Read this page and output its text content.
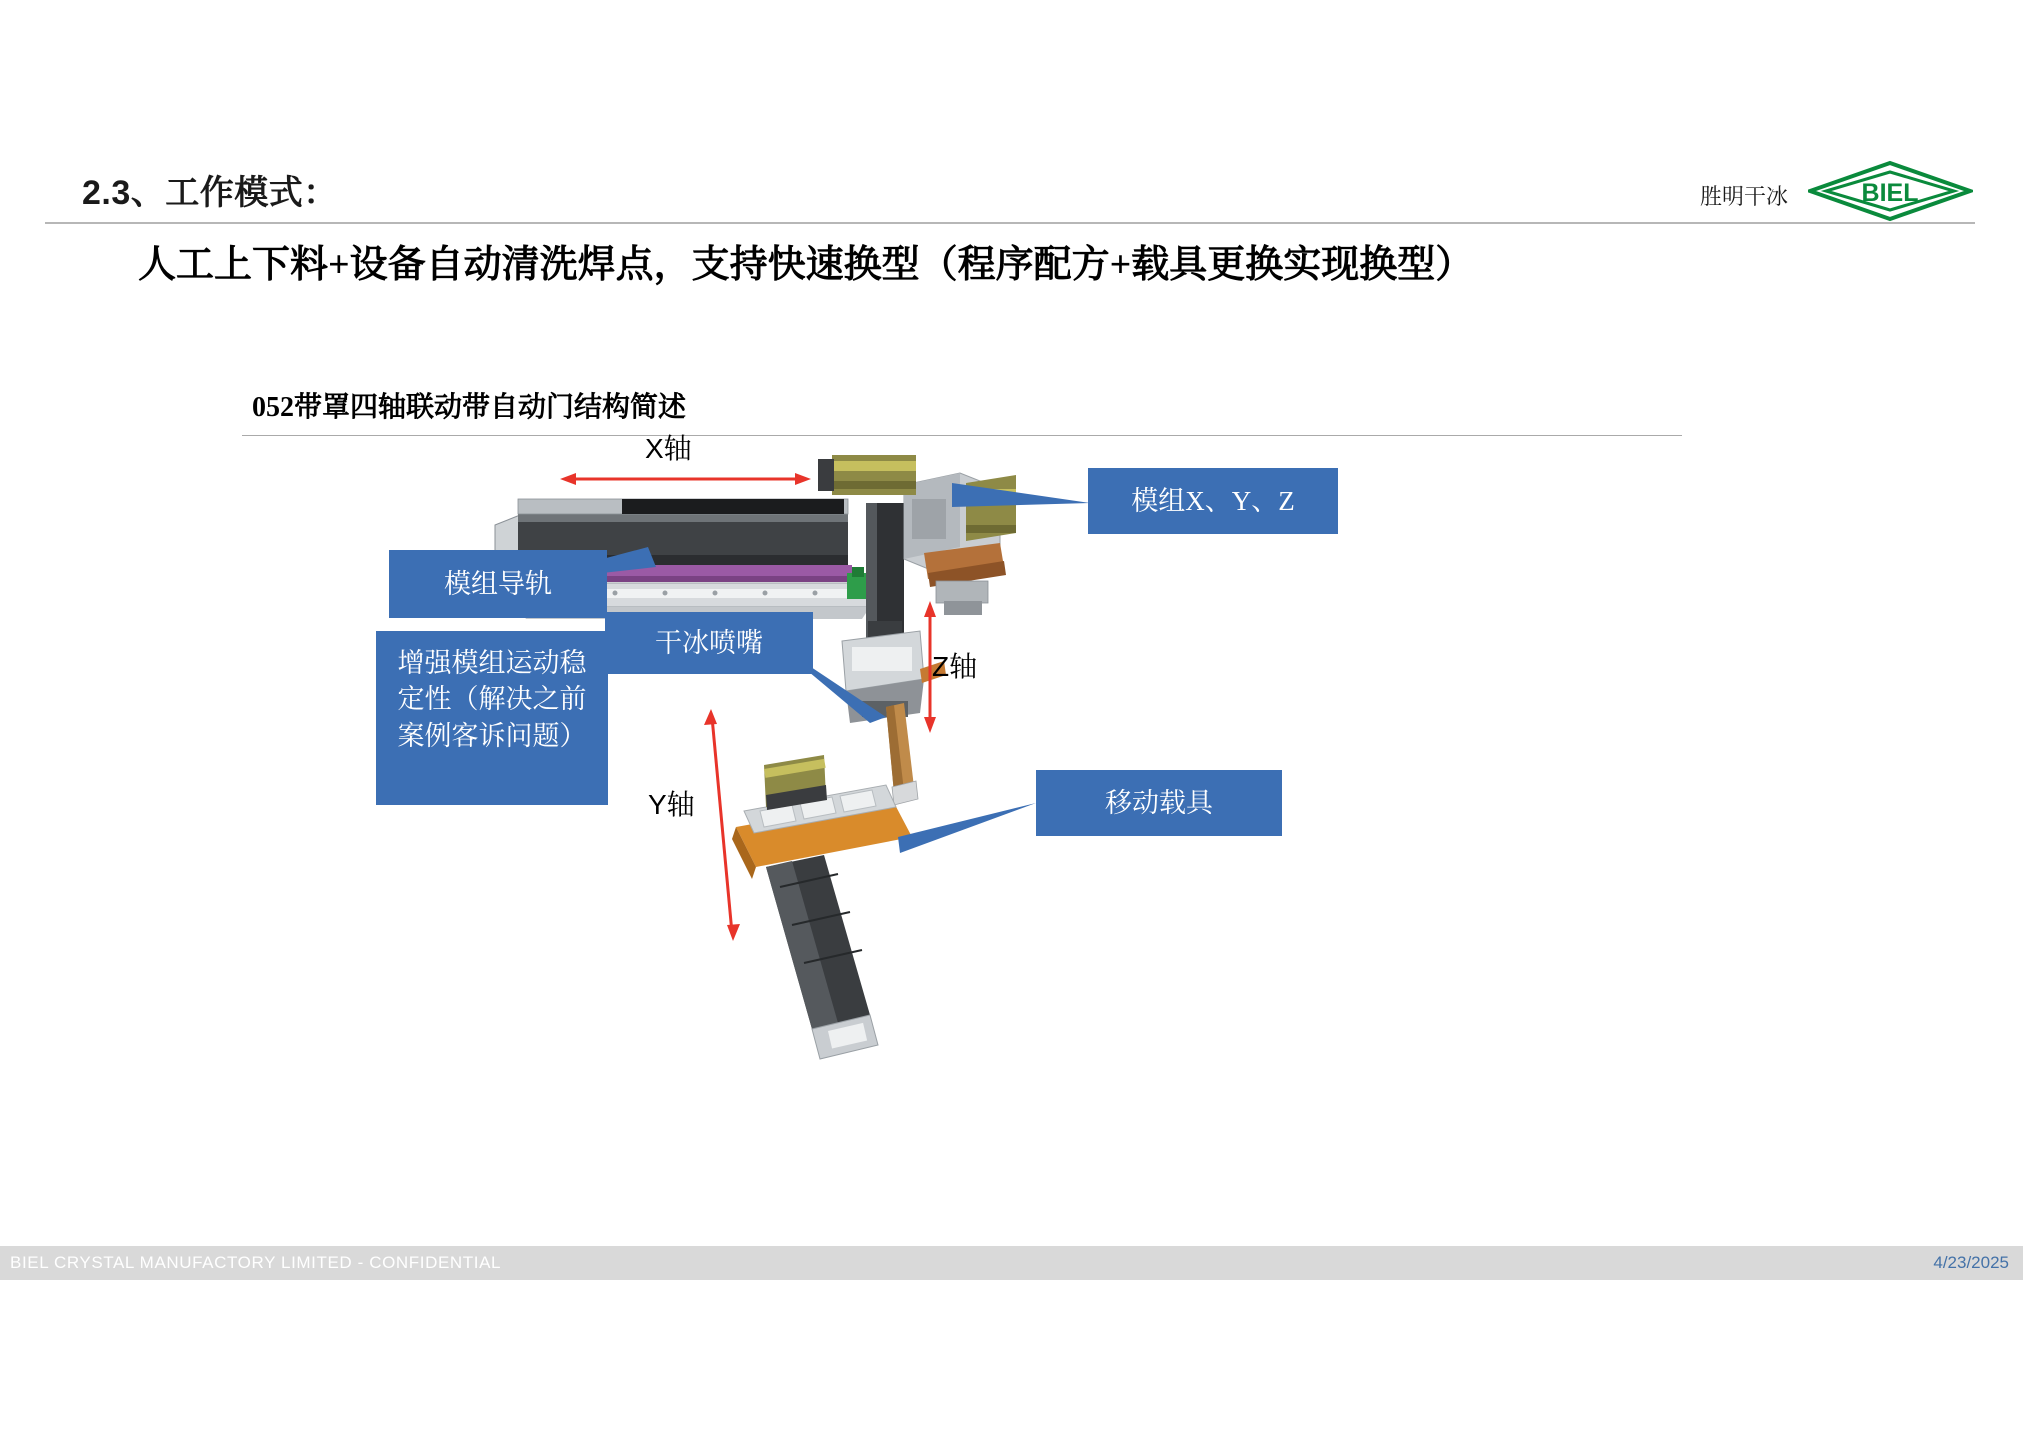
2.3、工作模式：	胜明干冰	BIEL
人工上下料+设备自动清洗焊点，支持快速换型（程序配方+载具更换实现换型）
052带罩四轴联动带自动门结构简述
X轴
Z轴
Y轴
模组X、Y、Z
模组导轨
增强模组运动稳定性（解决之前案例客诉问题）
干冰喷嘴
移动载具
BIEL CRYSTAL MANUFACTORY LIMITED - CONFIDENTIAL	4/23/2025
